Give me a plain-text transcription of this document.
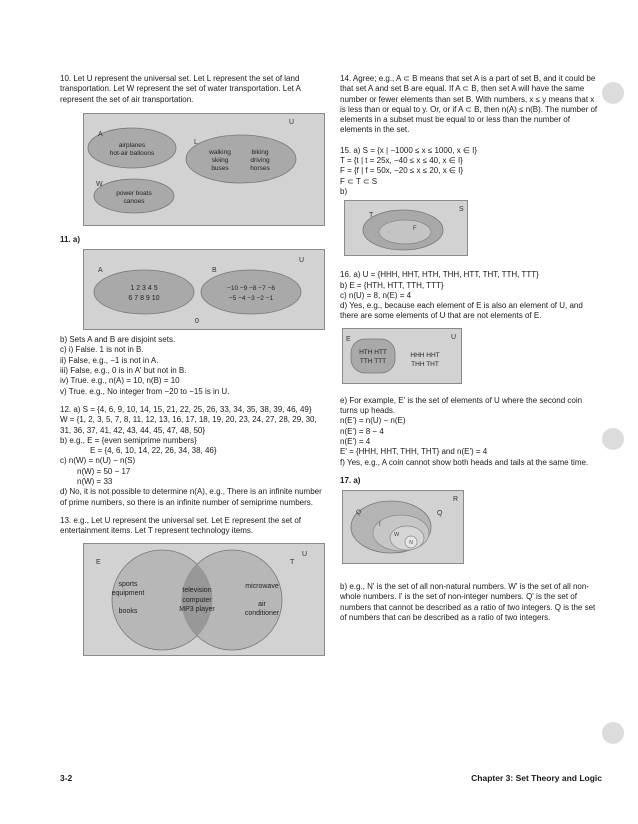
10. Let U represent the universal set. Let L represent the set of land transportation. Let W represent the set of water transportation. Let A represent the set of air transportation.

U
A
airplanes
hot-air balloons
L
walking
skiing
buses
biking
driving
horses
W
power boats
canoes

11. a)

U
A
1 2 3 4 5
6 7 8 9 10
B
−10 −9 −8 −7 −6
−5 −4 −3 −2 −1
0
b) Sets A and B are disjoint sets.
c) i) False. 1 is not in B.
ii) False, e.g., −1 is not in A.
iii) False, e.g., 0 is in A' but not in B.
iv) True. e.g., n(A) = 10, n(B) = 10
v) True. e.g., No integer from −20 to −15 is in U.
12. a) S = {4, 6, 9, 10, 14, 15, 21, 22, 25, 26, 33, 34, 35, 38, 39, 46, 49}
W = {1, 2, 3, 5, 7, 8, 11, 12, 13, 16, 17, 18, 19, 20, 23, 24, 27, 28, 29, 30, 31, 36, 37, 41, 42, 43, 44, 45, 47, 48, 50}
b) e.g., E = {even semiprime numbers}
E = {4, 6, 10, 14, 22, 26, 34, 38, 46}
c) n(W) = n(U) − n(S)
n(W) = 50 − 17
n(W) = 33
d) No, it is not possible to determine n(A), e.g., There is an infinite number of prime numbers, so there is an infinite number of semiprime numbers.

13. e.g., Let U represent the universal set. Let E represent the set of entertainment items. Let T represent technology items.

U
E	T
sports
equipment
books
television
computer
MP3 player
microwave
air
conditioner

14. Agree; e.g., A ⊂ B means that set A is a part of set B, and it could be that set A and set B are equal. If A ⊂ B, then set A will have the same number or fewer elements than set B. With numbers, x ≤ y means that x is less than or equal to y. Or, or if A ⊂ B, then n(A) ≤ n(B). The number of elements in a subset must be equal to or less than the number of elements in the set.

15. a) S = {x | −1000 ≤ x ≤ 1000, x ∈ I}
T = {t | t = 25x, −40 ≤ x ≤ 40, x ∈ I}
F = {f | f = 50x, −20 ≤ x ≤ 20, x ∈ I}
F ⊂ T ⊂ S
b)
S
T
F
16. a) U = {HHH, HHT, HTH, THH, HTT, THT, TTH, TTT}
b) E = {HTH, HTT, TTH, TTT}
c) n(U) = 8, n(E) = 4
d) Yes, e.g., because each element of E is also an element of U, and there are some elements of U that are not elements of E.
U
E
HTH HTT
TTH TTT
HHH HHT
THH THT
e) For example, E' is the set of elements of U where the second coin turns up heads.
n(E') = n(U) − n(E)
n(E') = 8 − 4
n(E') = 4
E' = {HHH, HHT, THH, THT} and n(E') = 4
f) Yes, e.g., A coin cannot show both heads and tails at the same time.

17. a)

R
Q
Q
I
W
N

b) e.g., N' is the set of all non-natural numbers. W' is the set of all non-whole numbers. I' is the set of non-integer numbers. Q' is the set of numbers that cannot be described as a ratio of two integers. Q is the set of numbers that can be described as a ratio of two integers.

3-2	Chapter 3: Set Theory and Logic
